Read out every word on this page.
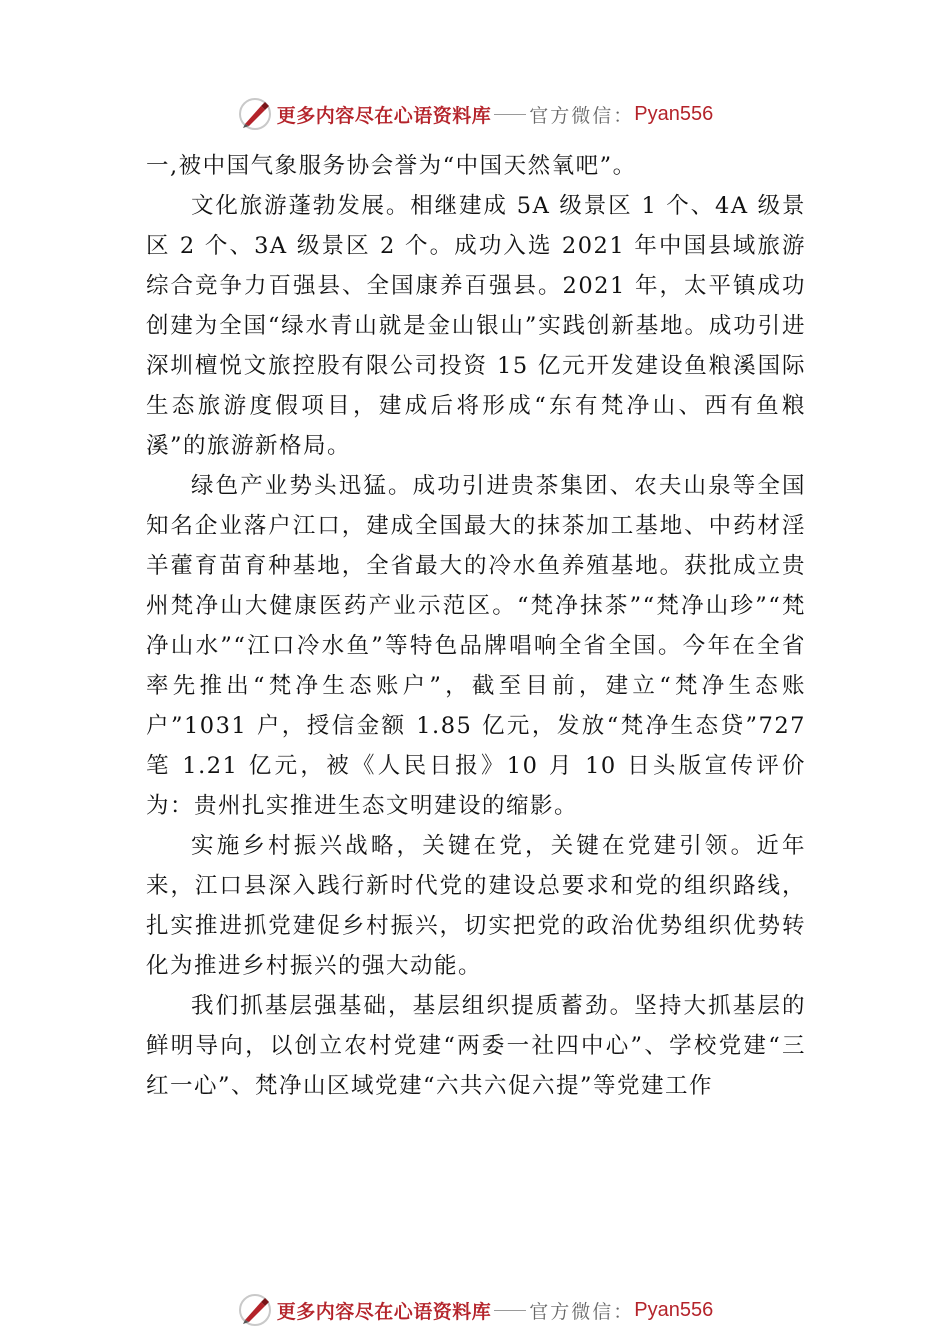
更多内容尽在心语资料库 官方微信： Pyan556

一,被中国气象服务协会誉为“中国天然氧吧”。

文化旅游蓬勃发展。相继建成 5A 级景区 1 个、4A 级景区 2 个、3A 级景区 2 个。成功入选 2021 年中国县域旅游综合竞争力百强县、全国康养百强县。2021 年，太平镇成功创建为全国“绿水青山就是金山银山”实践创新基地。成功引进深圳檀悦文旅控股有限公司投资 15 亿元开发建设鱼粮溪国际生态旅游度假项目，建成后将形成“东有梵净山、西有鱼粮溪”的旅游新格局。

绿色产业势头迅猛。成功引进贵茶集团、农夫山泉等全国知名企业落户江口，建成全国最大的抹茶加工基地、中药材淫羊藿育苗育种基地，全省最大的冷水鱼养殖基地。获批成立贵州梵净山大健康医药产业示范区。“梵净抹茶”“梵净山珍”“梵净山水”“江口冷水鱼”等特色品牌唱响全省全国。今年在全省率先推出“梵净生态账户”，截至目前，建立“梵净生态账户”1031 户，授信金额 1.85 亿元，发放“梵净生态贷”727 笔 1.21 亿元，被《人民日报》10 月 10 日头版宣传评价为：贵州扎实推进生态文明建设的缩影。

实施乡村振兴战略，关键在党，关键在党建引领。近年来，江口县深入践行新时代党的建设总要求和党的组织路线，扎实推进抓党建促乡村振兴，切实把党的政治优势组织优势转化为推进乡村振兴的强大动能。

我们抓基层强基础，基层组织提质蓄劲。坚持大抓基层的鲜明导向，以创立农村党建“两委一社四中心”、学校党建“三红一心”、梵净山区域党建“六共六促六提”等党建工作

更多内容尽在心语资料库 官方微信： Pyan556
